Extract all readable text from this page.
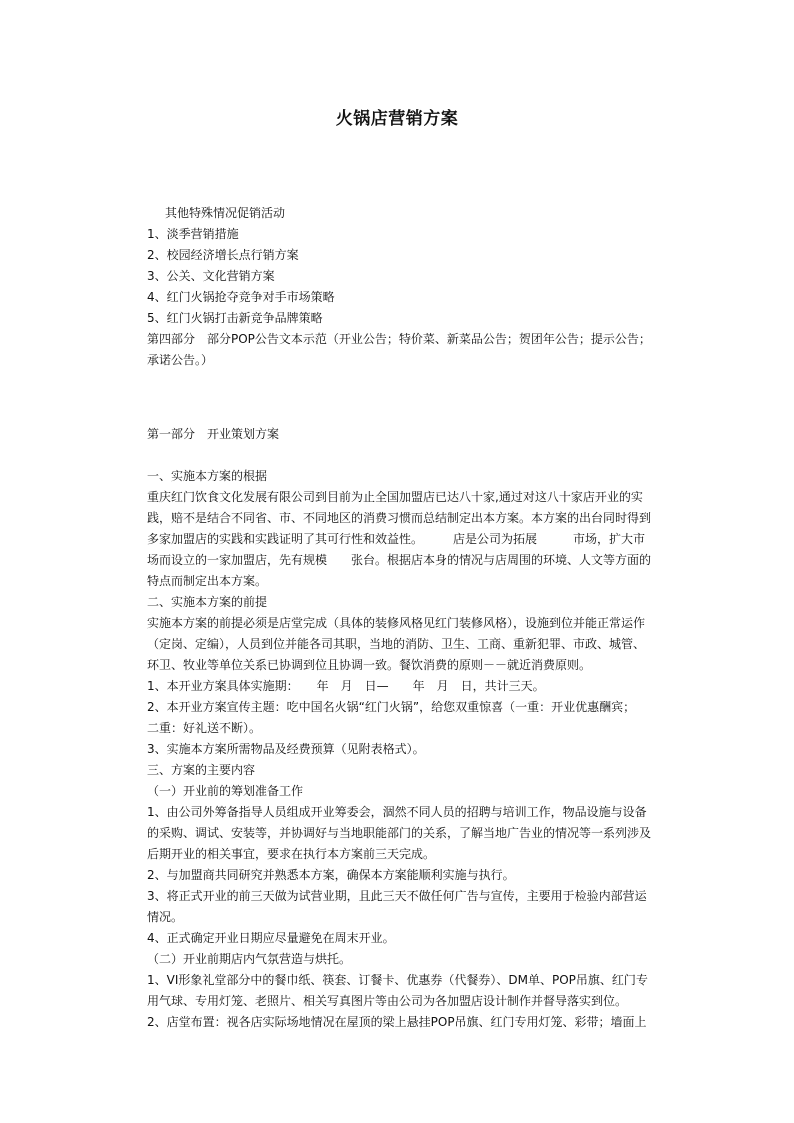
火锅店营销方案
其他特殊情况促销活动
1、淡季营销措施
2、校园经济增长点行销方案
3、公关、文化营销方案
4、红门火锅抢夺竞争对手市场策略
5、红门火锅打击新竞争品牌策略
第四部分　部分POP公告文本示范（开业公告；特价菜、新菜品公告；贺团年公告；提示公告；
承诺公告。）
第一部分　开业策划方案
一、实施本方案的根据
重庆红门饮食文化发展有限公司到目前为止全国加盟店已达八十家,通过对这八十家店开业的实
践，赔不是结合不同省、市、不同地区的消费习惯而总结制定出本方案。本方案的出台同时得到
多家加盟店的实践和实践证明了其可行性和效益性。　　　店是公司为拓展　　　市场，扩大市
场而设立的一家加盟店，先有规模　　张台。根据店本身的情况与店周围的环境、人文等方面的
特点而制定出本方案。
二、实施本方案的前提
实施本方案的前提必须是店堂完成（具体的装修风格见红门装修风格），设施到位并能正常运作
（定岗、定编），人员到位并能各司其职，当地的消防、卫生、工商、重新犯罪、市政、城管、
环卫、牧业等单位关系已协调到位且协调一致。餐饮消费的原则－－就近消费原则。
1、本开业方案具体实施期：　　年　月　日—　　年　月　日，共计三天。
2、本开业方案宣传主题：吃中国名火锅“红门火锅”，给您双重惊喜（一重：开业优惠酬宾；
二重：好礼送不断）。
3、实施本方案所需物品及经费预算（见附表格式）。
三、方案的主要内容
（一）开业前的筹划准备工作
1、由公司外筹备指导人员组成开业筹委会，涸然不同人员的招聘与培训工作，物品设施与设备
的采购、调试、安装等，并协调好与当地职能部门的关系，了解当地广告业的情况等一系列涉及
后期开业的相关事宜，要求在执行本方案前三天完成。
2、与加盟商共同研究并熟悉本方案，确保本方案能顺利实施与执行。
3、将正式开业的前三天做为试营业期，且此三天不做任何广告与宣传，主要用于检验内部营运
情况。
4、正式确定开业日期应尽量避免在周末开业。
（二）开业前期店内气氛营造与烘托。
1、VI形象礼堂部分中的餐巾纸、筷套、订餐卡、优惠券（代餐券）、DM单、POP吊旗、红门专
用气球、专用灯笼、老照片、相关写真图片等由公司为各加盟店设计制作并督导落实到位。
2、店堂布置：视各店实际场地情况在屋顶的梁上悬挂POP吊旗、红门专用灯笼、彩带；墙面上
